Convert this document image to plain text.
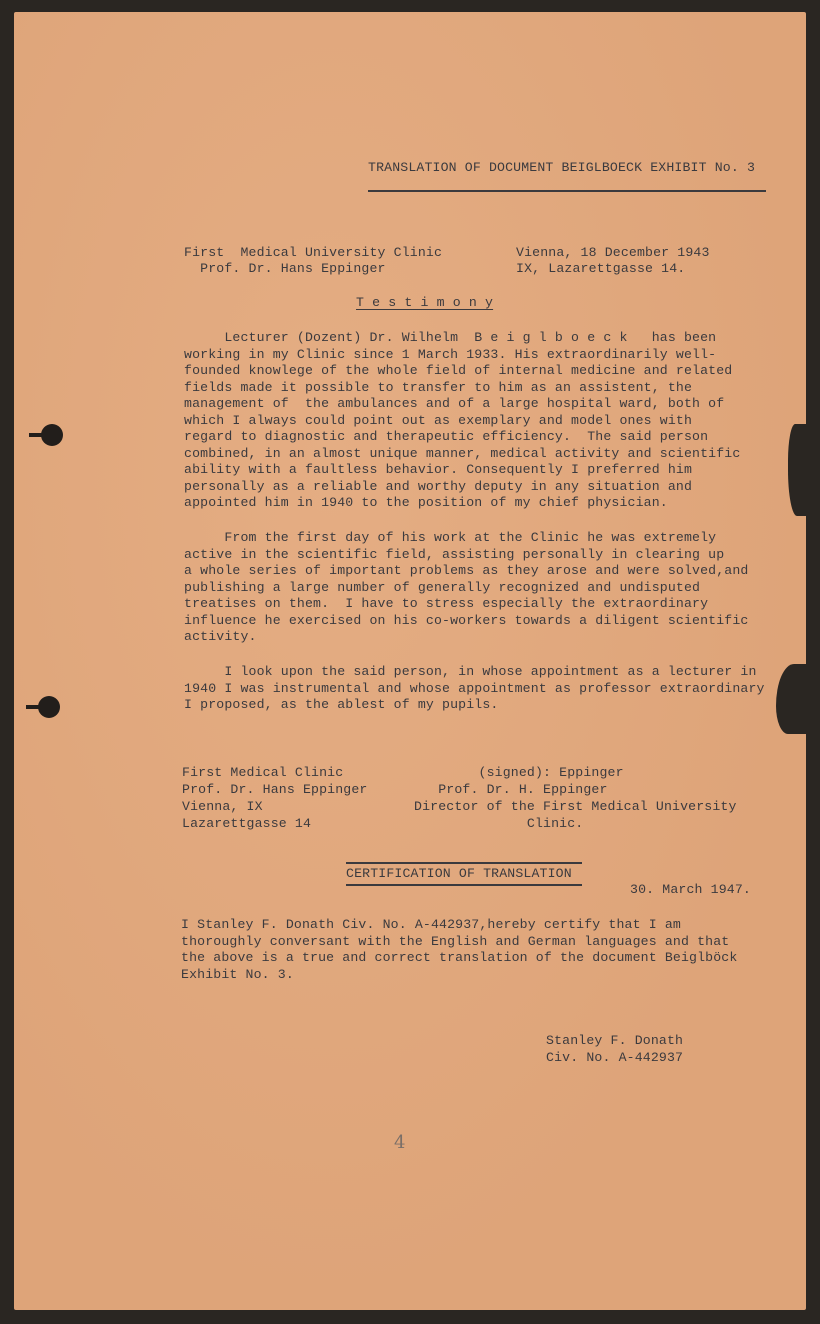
TRANSLATION OF DOCUMENT BEIGLBOECK EXHIBIT No. 3
First  Medical University Clinic
Prof. Dr. Hans Eppinger
Vienna, 18 December 1943
IX, Lazarettgasse 14.
T e s t i m o n y
Lecturer (Dozent) Dr. Wilhelm  B e i g l b o e c k   has been
working in my Clinic since 1 March 1933. His extraordinarily well-
founded knowlege of the whole field of internal medicine and related
fields made it possible to transfer to him as an assistent, the
management of  the ambulances and of a large hospital ward, both of
which I always could point out as exemplary and model ones with
regard to diagnostic and therapeutic efficiency.  The said person
combined, in an almost unique manner, medical activity and scientific
ability with a faultless behavior. Consequently I preferred him
personally as a reliable and worthy deputy in any situation and
appointed him in 1940 to the position of my chief physician.
From the first day of his work at the Clinic he was extremely
active in the scientific field, assisting personally in clearing up
a whole series of important problems as they arose and were solved,and
publishing a large number of generally recognized and undisputed
treatises on them.  I have to stress especially the extraordinary
influence he exercised on his co-workers towards a diligent scientific
activity.
I look upon the said person, in whose appointment as a lecturer in
1940 I was instrumental and whose appointment as professor extraordinary
I proposed, as the ablest of my pupils.
First Medical Clinic
Prof. Dr. Hans Eppinger
Vienna, IX
Lazarettgasse 14
(signed): Eppinger
Prof. Dr. H. Eppinger
Director of the First Medical University
Clinic.
CERTIFICATION OF TRANSLATION
30. March 1947.
I Stanley F. Donath Civ. No. A-442937,hereby certify that I am
thoroughly conversant with the English and German languages and that
the above is a true and correct translation of the document Beiglböck
Exhibit No. 3.
Stanley F. Donath
Civ. No. A-442937
4
